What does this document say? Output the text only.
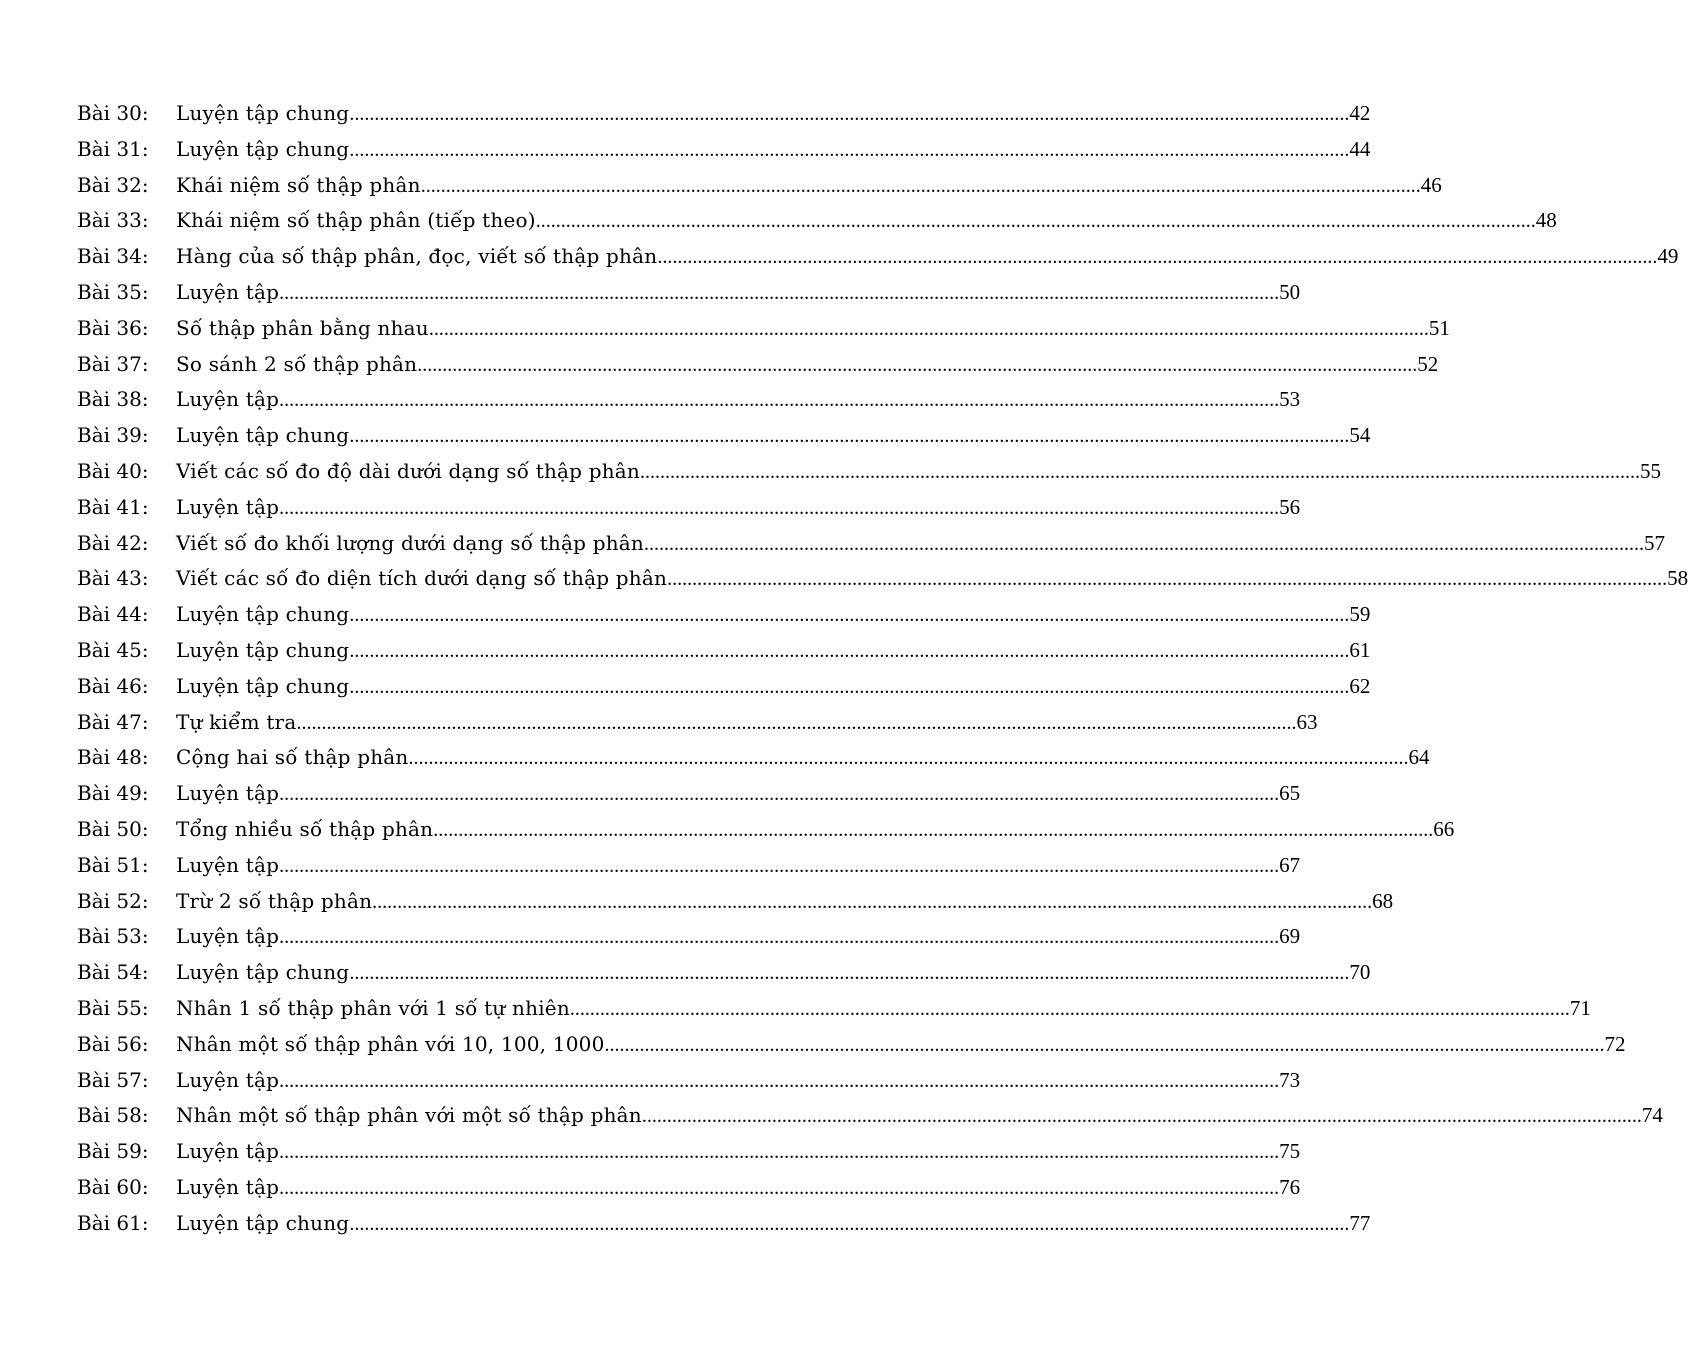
Bài 30:	Luyện tập chung .....	42
Bài 31:	Luyện tập chung .....	44
Bài 32:	Khái niệm số thập phân .....	46
Bài 33:	Khái niệm số thập phân (tiếp theo) .....	48
Bài 34:	Hàng của số thập phân, đọc, viết số thập phân .....	49
Bài 35:	Luyện tập .....	50
Bài 36:	Số thập phân bằng nhau .....	51
Bài 37:	So sánh 2 số thập phân .....	52
Bài 38:	Luyện tập .....	53
Bài 39:	Luyện tập chung .....	54
Bài 40:	Viết các số đo độ dài dưới dạng số thập phân .....	55
Bài 41:	Luyện tập .....	56
Bài 42:	Viết số đo khối lượng dưới dạng số thập phân .....	57
Bài 43:	Viết các số đo diện tích dưới dạng số thập phân .....	58
Bài 44:	Luyện tập chung .....	59
Bài 45:	Luyện tập chung .....	61
Bài 46:	Luyện tập chung .....	62
Bài 47:	Tự kiểm tra .....	63
Bài 48:	Cộng hai số thập phân .....	64
Bài 49:	Luyện tập .....	65
Bài 50:	Tổng nhiều số thập phân .....	66
Bài 51:	Luyện tập .....	67
Bài 52:	Trừ 2 số thập phân .....	68
Bài 53:	Luyện tập .....	69
Bài 54:	Luyện tập chung .....	70
Bài 55:	Nhân 1 số thập phân với 1 số tự nhiên .....	71
Bài 56:	Nhân một số thập phân với 10, 100, 1000 .....	72
Bài 57:	Luyện tập .....	73
Bài 58:	Nhân một số thập phân với một số thập phân .....	74
Bài 59:	Luyện tập .....	75
Bài 60:	Luyện tập .....	76
Bài 61:	Luyện tập chung .....	77
